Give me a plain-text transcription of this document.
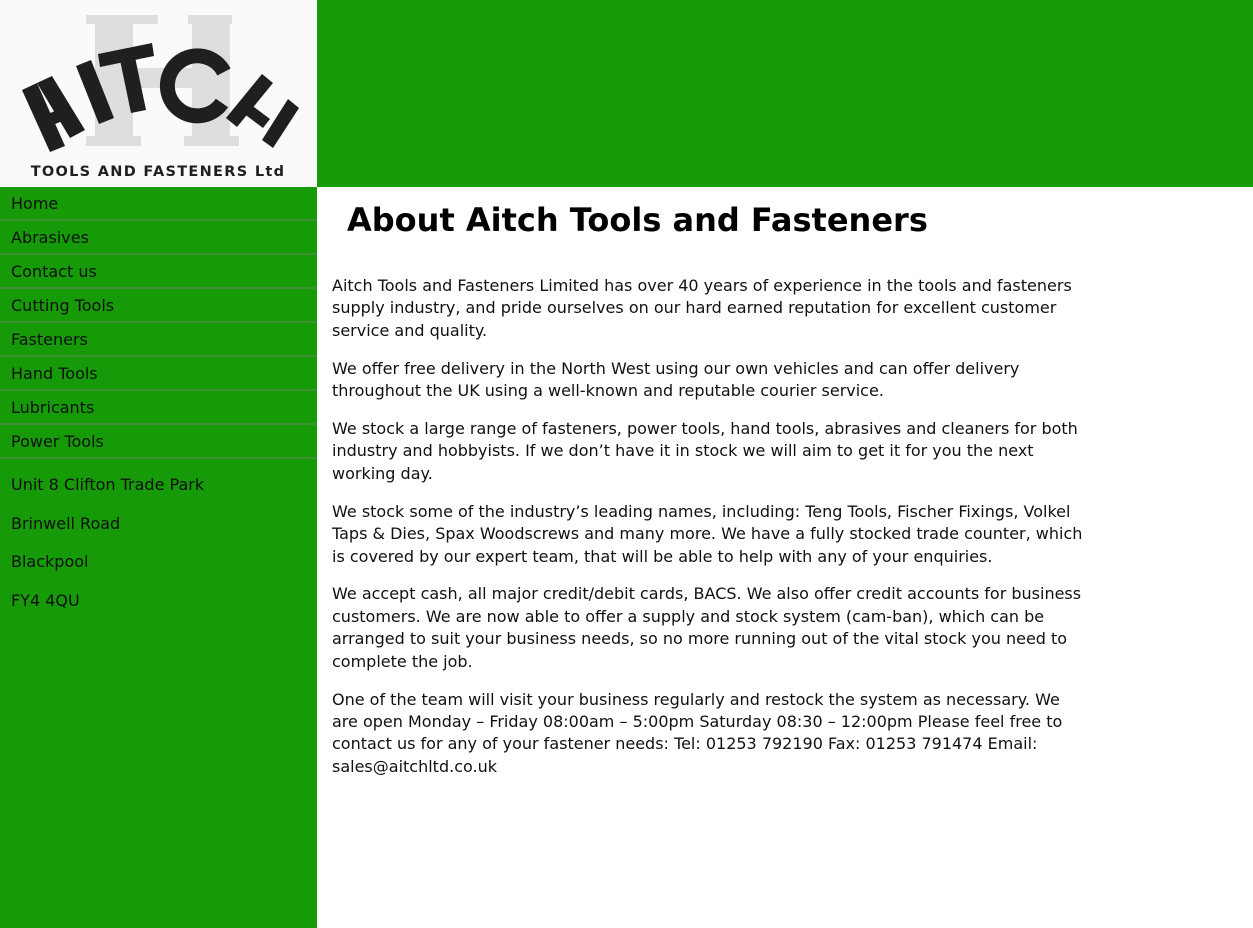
TOOLS AND FASTENERS Ltd
Home
Abrasives
Contact us
Cutting Tools
Fasteners
Hand Tools
Lubricants
Power Tools
Unit 8 Clifton Trade Park
Brinwell Road
Blackpool
FY4 4QU
About Aitch Tools and Fasteners

Aitch Tools and Fasteners Limited has over 40 years of experience in the tools and fasteners supply industry, and pride ourselves on our hard earned reputation for excellent customer service and quality.

We offer free delivery in the North West using our own vehicles and can offer delivery throughout the UK using a well-known and reputable courier service.

We stock a large range of fasteners, power tools, hand tools, abrasives and cleaners for both industry and hobbyists. If we don’t have it in stock we will aim to get it for you the next working day.

We stock some of the industry’s leading names, including: Teng Tools, Fischer Fixings, Volkel Taps & Dies, Spax Woodscrews and many more. We have a fully stocked trade counter, which is covered by our expert team, that will be able to help with any of your enquiries.

We accept cash, all major credit/debit cards, BACS. We also offer credit accounts for business customers. We are now able to offer a supply and stock system (cam-ban), which can be arranged to suit your business needs, so no more running out of the vital stock you need to complete the job.

One of the team will visit your business regularly and restock the system as necessary. We are open Monday – Friday 08:00am – 5:00pm Saturday 08:30 – 12:00pm Please feel free to contact us for any of your fastener needs: Tel: 01253 792190 Fax: 01253 791474 Email: sales@aitchltd.co.uk
